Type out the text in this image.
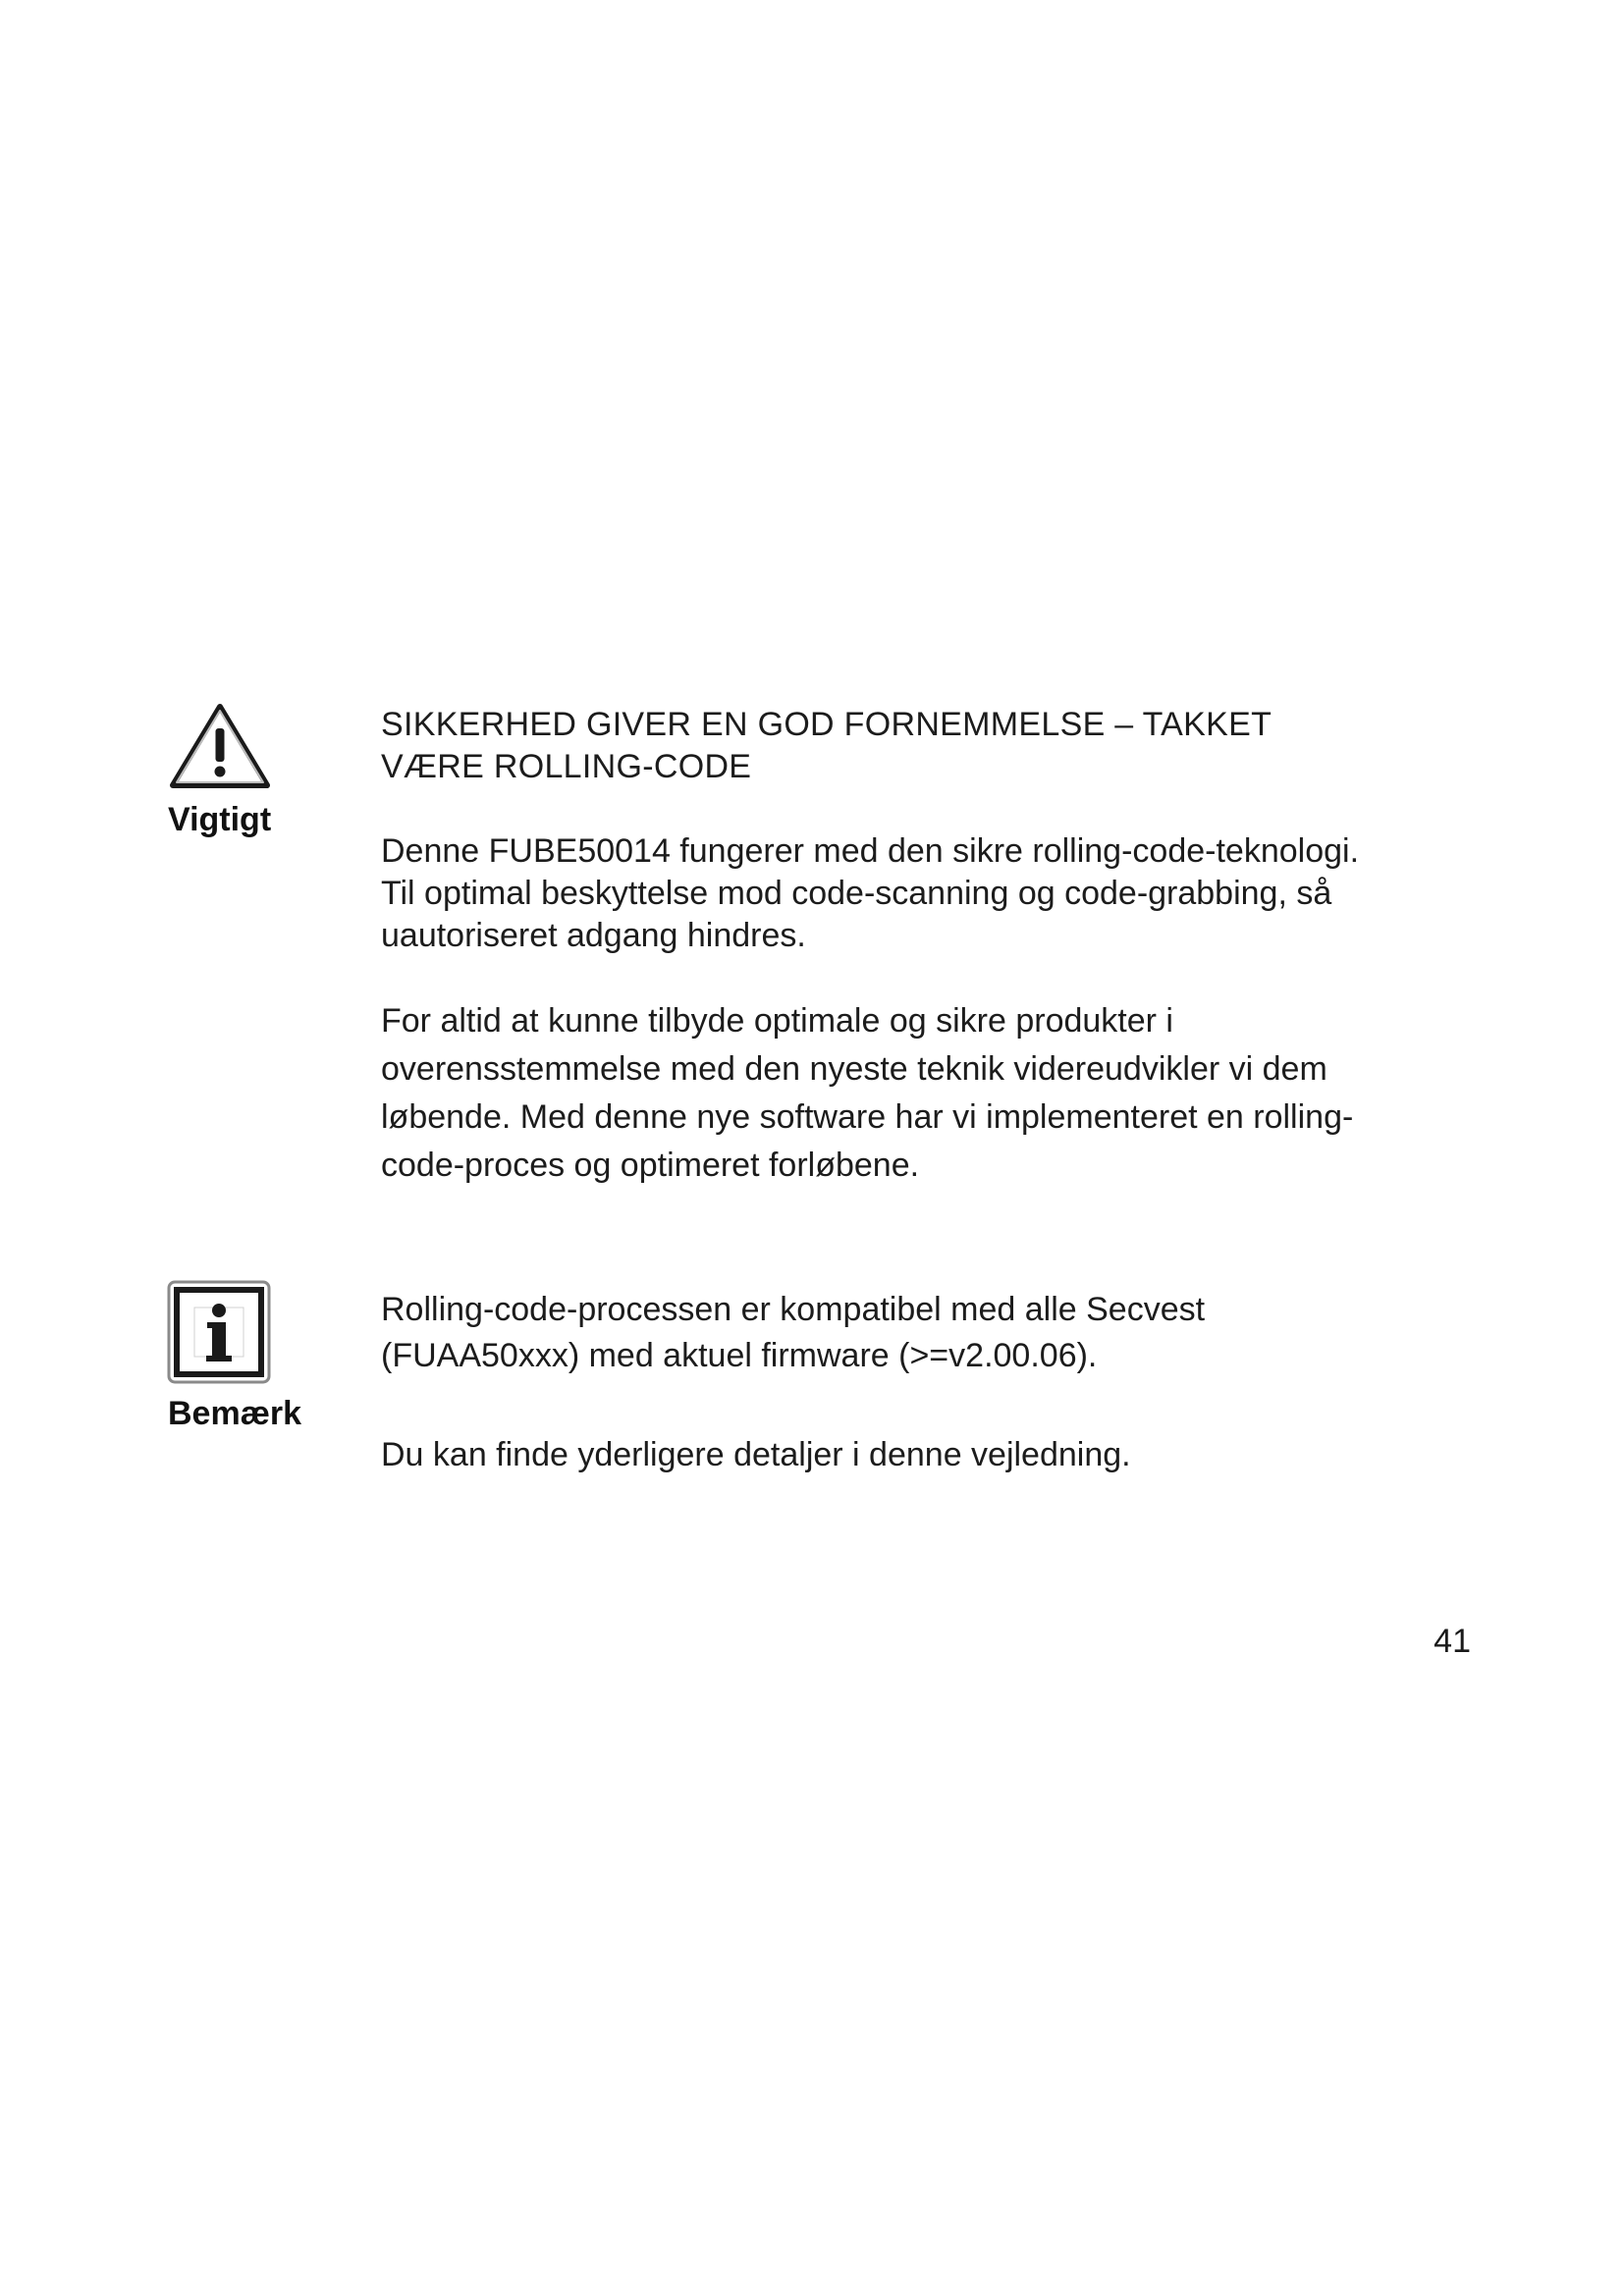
Vigtigt

SIKKERHED GIVER EN GOD FORNEMMELSE – TAKKET

VÆRE ROLLING-CODE

Denne FUBE50014 fungerer med den sikre rolling-code-teknologi.

Til optimal beskyttelse mod code-scanning og code-grabbing, så

uautoriseret adgang hindres.

For altid at kunne tilbyde optimale og sikre produkter i

overensstemmelse med den nyeste teknik videreudvikler vi dem

løbende. Med denne nye software har vi implementeret en rolling-

code-proces og optimeret forløbene.

Bemærk

Rolling-code-processen er kompatibel med alle Secvest

(FUAA50xxx) med aktuel firmware (>=v2.00.06).

Du kan finde yderligere detaljer i denne vejledning.

41
